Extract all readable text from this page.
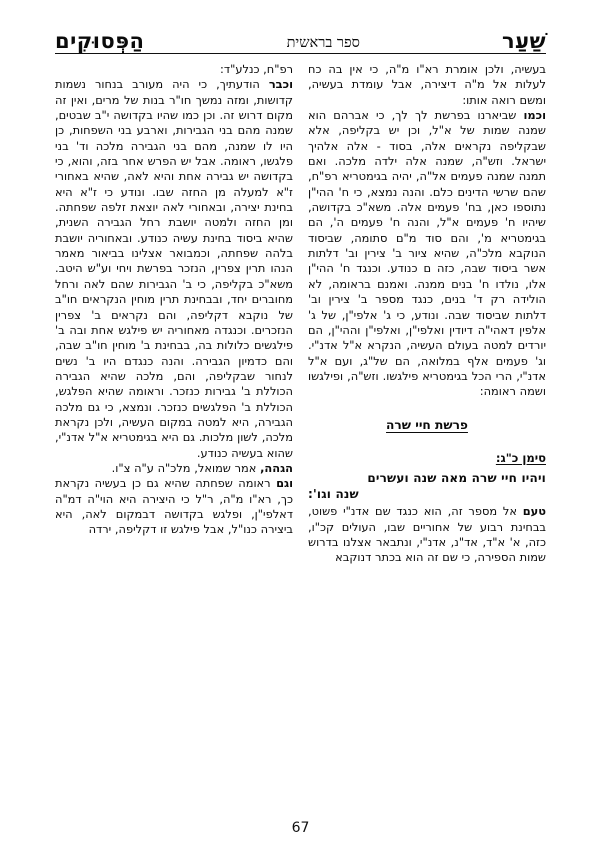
שַׁעַר
ספר בראשית
הַפְּסוּקִים

בעשיה, ולכן אומרת רא"ו מ"ה, כי אין בה כח לעלות אל מ"ה דיצירה, אבל עומדת בעשיה, ומשם רואה אותו:

וכמו שביארנו בפרשת לך לך, כי אברהם הוא שמנה שמות של א"ל, וכן יש בקליפה, אלא שבקליפה נקראים אלה, בסוד - אלה אלהיך ישראל. וזש"ה, שמנה אלה ילדה מלכה. ואם תמנה שמנה פעמים אל"ה, יהיה בגימטריא רפ"ח, שהם שרשי הדינים כלם. והנה נמצא, כי ח' ההי"ן נתוספו כאן, בח' פעמים אלה. משא"כ בקדושה, שיהיו ח' פעמים א"ל, והנה ח' פעמים ה', הם בגימטריא מ', והם סוד מ"ם סתומה, שביסוד הנוקבא מלכ"ה, שהיא ציור ב' צירין וב' דלתות אשר ביסוד שבה, כזה ם כנודע. וכנגד ח' ההי"ן אלו, נולדו ח' בנים ממנה. ואמנם בראומה, לא הולידה רק ד' בנים, כנגד מספר ב' צירין וב' דלתות שביסוד שבה. ונודע, כי ג' אלפי"ן, של ג' אלפין דאהי"ה דיודין ואלפי"ן, ואלפי"ן וההי"ן, הם יורדים למטה בעולם העשיה, הנקרא א"ל אדנ"י. וג' פעמים אלף במלואה, הם של"ג, ועם א"ל אדנ"י, הרי הכל בגימטריא פילגשו. וזש"ה, ופילגשו ושמה ראומה:

פרשת חיי שרה
סימן כ"ג:
ויהיו חיי שרה מאה שנה ועשרים
שנה וגו':

טעם אל מספר זה, הוא כנגד שם אדנ"י פשוט, בבחינת רבוע של אחוריים שבו, העולים קכ"ו, כזה, א' א"ד, אד"נ, אדנ"י, ונתבאר אצלנו בדרוש שמות הספירה, כי שם זה הוא בכתר דנוקבא

רפ"ח, כנלע"ד:

וכבר הודעתיך, כי היה מעורב בנחור נשמות קדושות, ומזה נמשך חו"ר בנות של מרים, ואין זה מקום דרוש זה. וכן כמו שהיו בקדושה י"ב שבטים, שמנה מהם בני הגבירות, וארבע בני השפחות, כן היו לו שמנה, מהם בני הגבירה מלכה וד' בני פלגשו, ראומה. אבל יש הפרש אחר בזה, והוא, כי בקדושה יש גבירה אחת והיא לאה, שהיא באחורי ז"א למעלה מן החזה שבו. ונודע כי ז"א היא בחינת יצירה, ובאחורי לאה יוצאת זלפה שפחתה. ומן החזה ולמטה יושבת רחל הגבירה השנית, שהיא ביסוד בחינת עשיה כנודע. ובאחוריה יושבת בלהה שפחתה, וכמבואר אצלינו בביאור מאמר הנהו תרין צפרין, הנזכר בפרשת ויחי וע"ש היטב. משא"כ בקליפה, כי ב' הגבירות שהם לאה ורחל מחוברים יחד, ובבחינת תרין מוחין הנקראים חו"ב של נוקבא דקליפה, והם נקראים ב' צפרין הנזכרים. וכנגדה מאחוריה יש פילגש אחת ובה ב' פילגשים כלולות בה, בבחינת ב' מוחין חו"ב שבה, והם כדמיון הגבירה. והנה כנגדם היו ב' נשים לנחור שבקליפה, והם, מלכה שהיא הגבירה הכוללת ב' גבירות כנזכר. וראומה שהיא הפלגש, הכוללת ב' הפלגשים כנזכר. ונמצא, כי גם מלכה הגבירה, היא למטה במקום העשיה, ולכן נקראת מלכה, לשון מלכות. גם היא בגימטריא א"ל אדנ"י, שהוא בעשיה כנודע.

הגהה, אמר שמואל, מלכ"ה ע"ה צ"ו.

וגם ראומה שפחתה שהיא גם כן בעשיה נקראת כך, רא"ו מ"ה, ר"ל כי היצירה היא הוי"ה דמ"ה דאלפי"ן, ופלגש בקדושה דבמקום לאה, היא ביצירה כנו"ל, אבל פילגש זו דקליפה, ירדה

67
